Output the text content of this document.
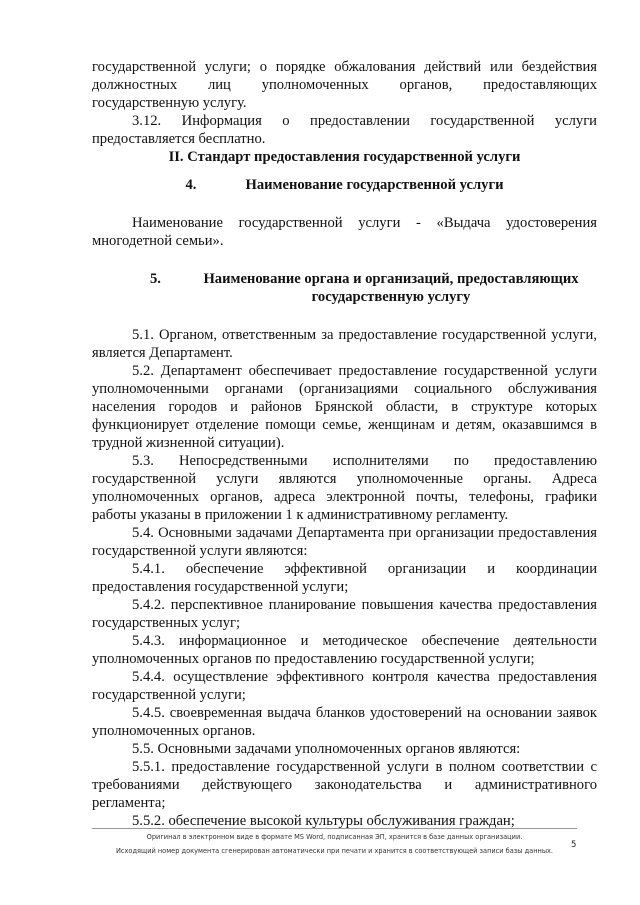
государственной услуги; о порядке обжалования действий или бездействия должностных лиц уполномоченных органов, предоставляющих государственную услугу.

3.12. Информация о предоставлении государственной услуги предоставляется бесплатно.

II. Стандарт предоставления государственной услуги

4.	Наименование государственной услуги

Наименование государственной услуги - «Выдача удостоверения многодетной семьи».

5.	Наименование органа и организаций, предоставляющих государственную услугу

5.1. Органом, ответственным за предоставление государственной услуги, является Департамент.

5.2. Департамент обеспечивает предоставление государственной услуги уполномоченными органами (организациями социального обслуживания населения городов и районов Брянской области, в структуре которых функционирует отделение помощи семье, женщинам и детям, оказавшимся в трудной жизненной ситуации).

5.3. Непосредственными исполнителями по предоставлению государственной услуги являются уполномоченные органы. Адреса уполномоченных органов, адреса электронной почты, телефоны, графики работы указаны в приложении 1 к административному регламенту.

5.4. Основными задачами Департамента при организации предоставления государственной услуги являются:

5.4.1. обеспечение эффективной организации и координации предоставления государственной услуги;

5.4.2. перспективное планирование повышения качества предоставления государственных услуг;

5.4.3. информационное и методическое обеспечение деятельности уполномоченных органов по предоставлению государственной услуги;

5.4.4. осуществление эффективного контроля качества предоставления государственной услуги;

5.4.5. своевременная выдача бланков удостоверений на основании заявок уполномоченных органов.

5.5. Основными задачами уполномоченных органов являются:

5.5.1. предоставление государственной услуги в полном соответствии с требованиями действующего законодательства и административного регламента;

5.5.2. обеспечение высокой культуры обслуживания граждан;

Оригинал в электронном виде в формате MS Word, подписанная ЭП, хранится в базе данных организации.
Исходящий номер документа сгенерирован автоматически при печати и хранится в соответствующей записи базы данных.
5
